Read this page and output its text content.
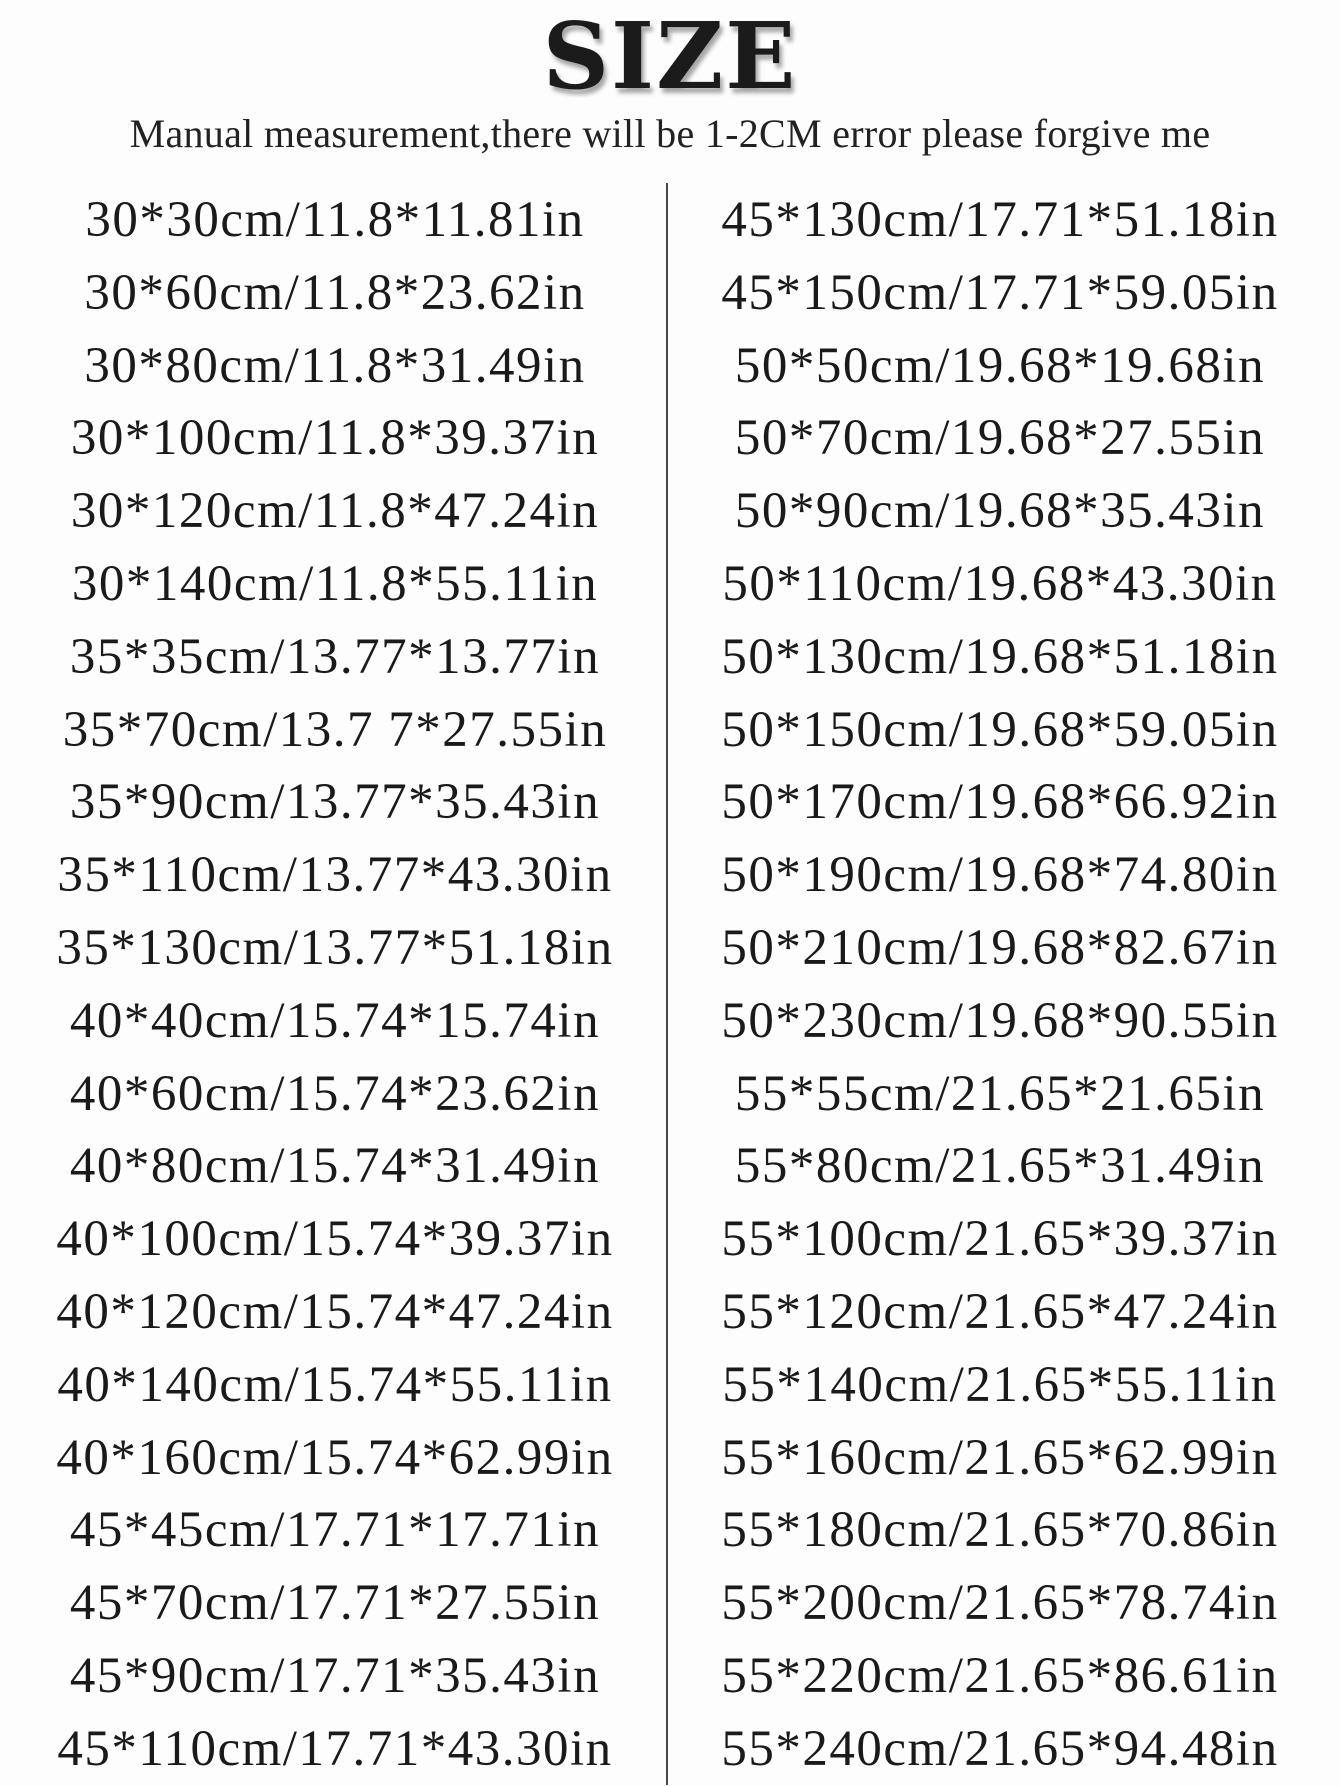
SIZE
Manual measurement,there will be 1-2CM error please forgive me
30*30cm/11.8*11.81in
30*60cm/11.8*23.62in
30*80cm/11.8*31.49in
30*100cm/11.8*39.37in
30*120cm/11.8*47.24in
30*140cm/11.8*55.11in
35*35cm/13.77*13.77in
35*70cm/13.7 7*27.55in
35*90cm/13.77*35.43in
35*110cm/13.77*43.30in
35*130cm/13.77*51.18in
40*40cm/15.74*15.74in
40*60cm/15.74*23.62in
40*80cm/15.74*31.49in
40*100cm/15.74*39.37in
40*120cm/15.74*47.24in
40*140cm/15.74*55.11in
40*160cm/15.74*62.99in
45*45cm/17.71*17.71in
45*70cm/17.71*27.55in
45*90cm/17.71*35.43in
45*110cm/17.71*43.30in
45*130cm/17.71*51.18in
45*150cm/17.71*59.05in
50*50cm/19.68*19.68in
50*70cm/19.68*27.55in
50*90cm/19.68*35.43in
50*110cm/19.68*43.30in
50*130cm/19.68*51.18in
50*150cm/19.68*59.05in
50*170cm/19.68*66.92in
50*190cm/19.68*74.80in
50*210cm/19.68*82.67in
50*230cm/19.68*90.55in
55*55cm/21.65*21.65in
55*80cm/21.65*31.49in
55*100cm/21.65*39.37in
55*120cm/21.65*47.24in
55*140cm/21.65*55.11in
55*160cm/21.65*62.99in
55*180cm/21.65*70.86in
55*200cm/21.65*78.74in
55*220cm/21.65*86.61in
55*240cm/21.65*94.48in
